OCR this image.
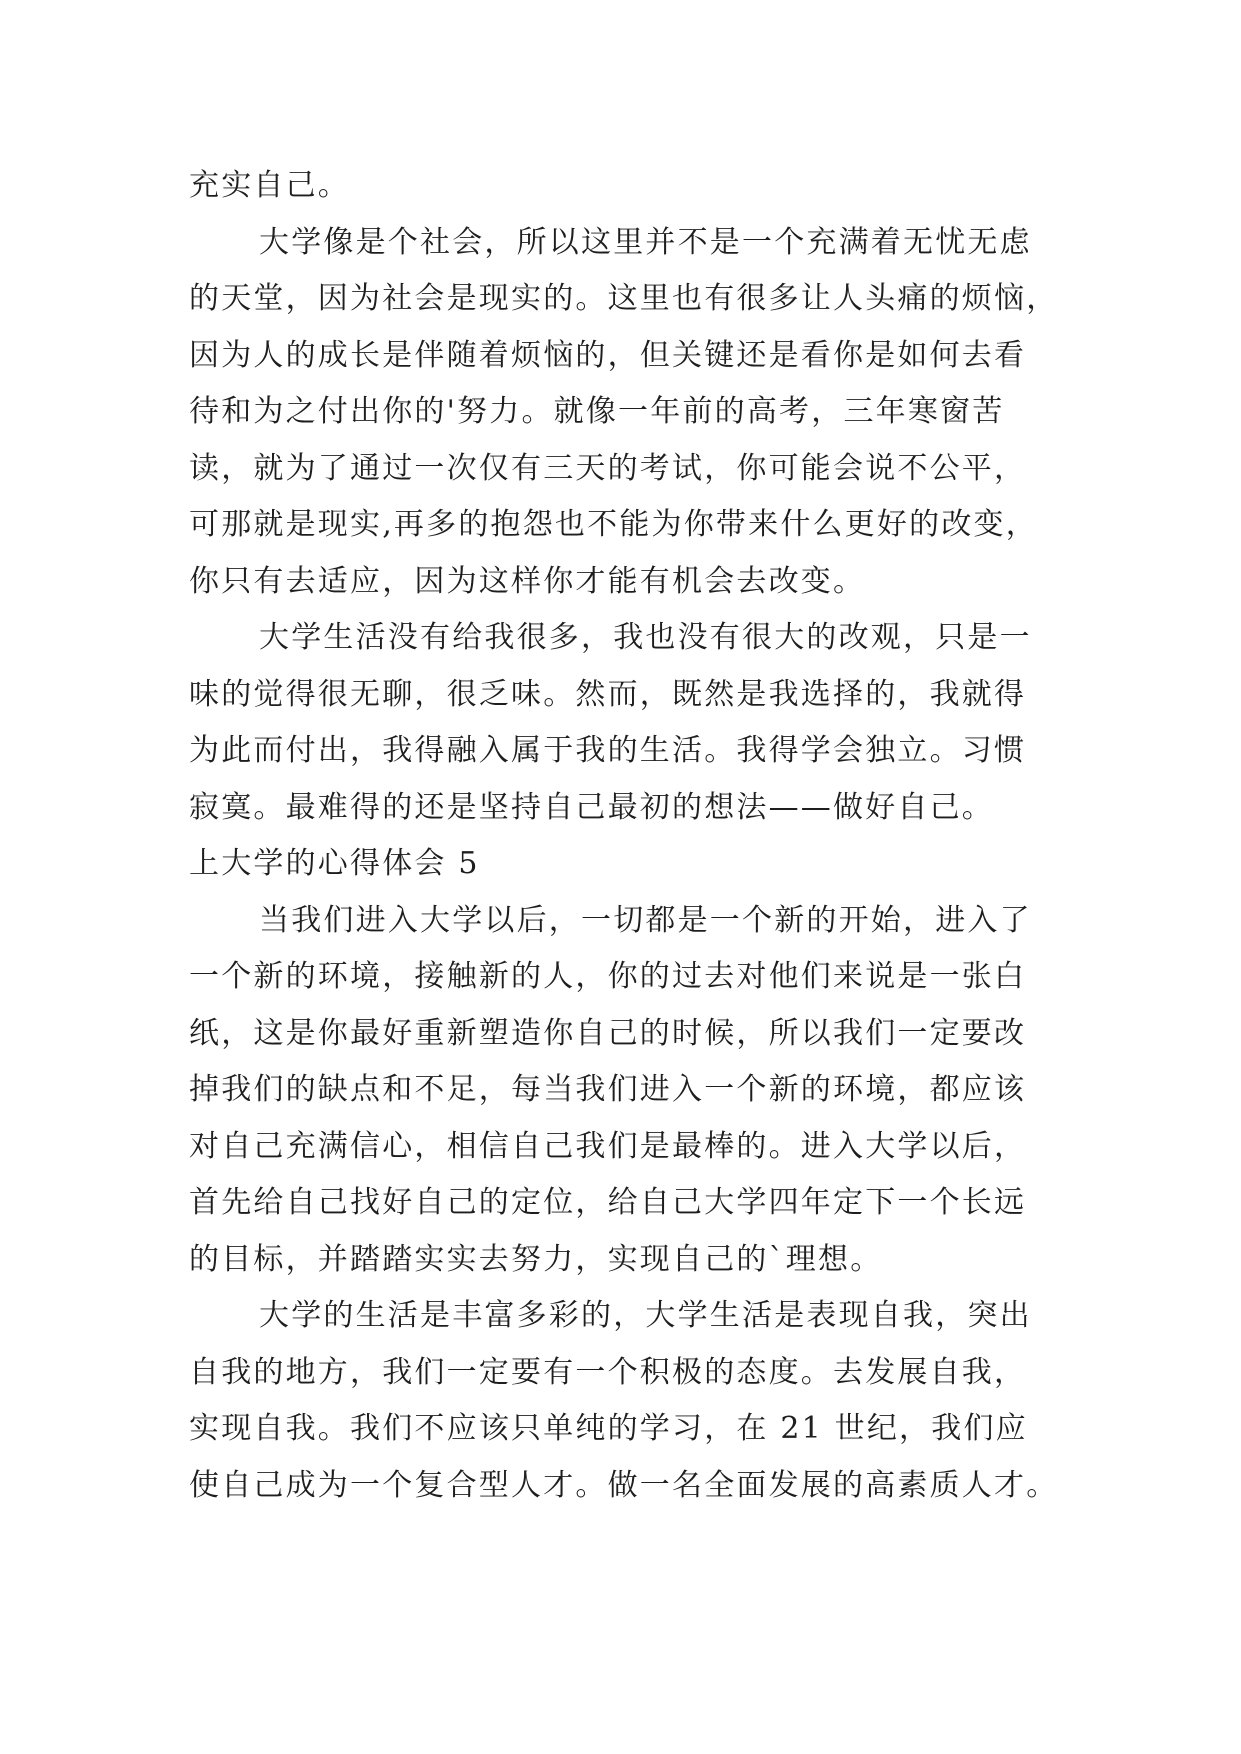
充实自己。
大学像是个社会，所以这里并不是一个充满着无忧无虑
的天堂，因为社会是现实的。这里也有很多让人头痛的烦恼，
因为人的成长是伴随着烦恼的，但关键还是看你是如何去看
待和为之付出你的'努力。就像一年前的高考，三年寒窗苦
读，就为了通过一次仅有三天的考试，你可能会说不公平，
可那就是现实,再多的抱怨也不能为你带来什么更好的改变，
你只有去适应，因为这样你才能有机会去改变。
大学生活没有给我很多，我也没有很大的改观，只是一
味的觉得很无聊，很乏味。然而，既然是我选择的，我就得
为此而付出，我得融入属于我的生活。我得学会独立。习惯
寂寞。最难得的还是坚持自己最初的想法——做好自己。
上大学的心得体会 5
当我们进入大学以后，一切都是一个新的开始，进入了
一个新的环境，接触新的人，你的过去对他们来说是一张白
纸，这是你最好重新塑造你自己的时候，所以我们一定要改
掉我们的缺点和不足，每当我们进入一个新的环境，都应该
对自己充满信心，相信自己我们是最棒的。进入大学以后，
首先给自己找好自己的定位，给自己大学四年定下一个长远
的目标，并踏踏实实去努力，实现自己的`理想。
大学的生活是丰富多彩的，大学生活是表现自我，突出
自我的地方，我们一定要有一个积极的态度。去发展自我，
实现自我。我们不应该只单纯的学习，在 21 世纪，我们应
使自己成为一个复合型人才。做一名全面发展的高素质人才。
